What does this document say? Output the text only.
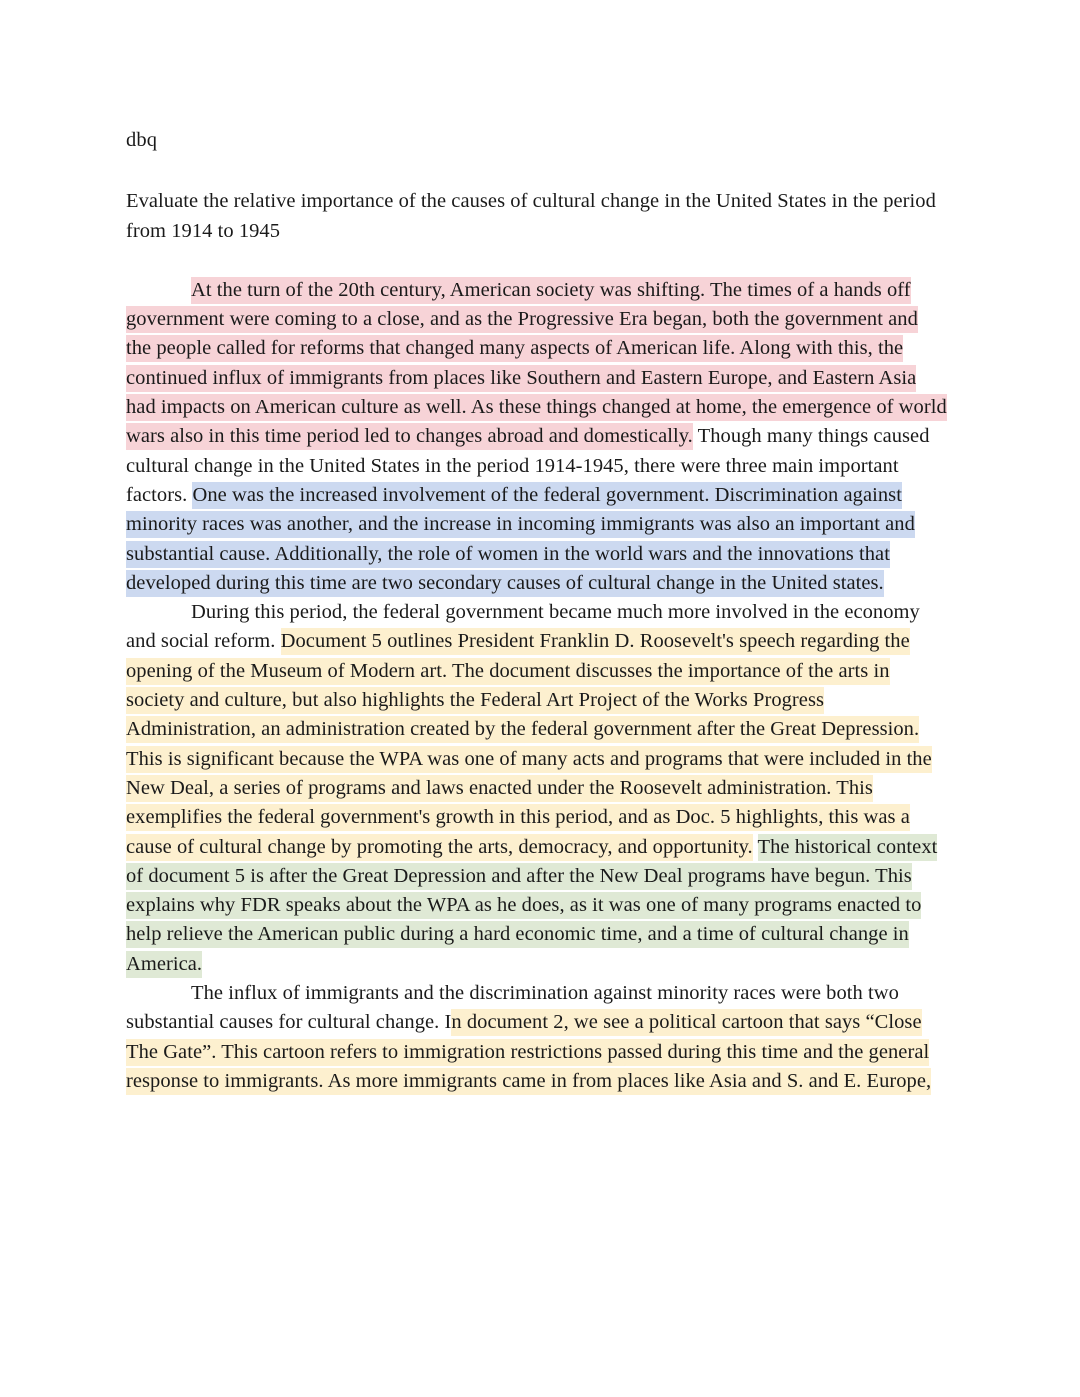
dbq
Evaluate the relative importance of the causes of cultural change in the United States in the period from 1914 to 1945

At the turn of the 20th century, American society was shifting. The times of a hands off government were coming to a close, and as the Progressive Era began, both the government and the people called for reforms that changed many aspects of American life. Along with this, the continued influx of immigrants from places like Southern and Eastern Europe, and Eastern Asia had impacts on American culture as well. As these things changed at home, the emergence of world wars also in this time period led to changes abroad and domestically. Though many things caused cultural change in the United States in the period 1914-1945, there were three main important factors. One was the increased involvement of the federal government. Discrimination against minority races was another, and the increase in incoming immigrants was also an important and substantial cause. Additionally, the role of women in the world wars and the innovations that developed during this time are two secondary causes of cultural change in the United states.

During this period, the federal government became much more involved in the economy and social reform. Document 5 outlines President Franklin D. Roosevelt's speech regarding the opening of the Museum of Modern art. The document discusses the importance of the arts in society and culture, but also highlights the Federal Art Project of the Works Progress Administration, an administration created by the federal government after the Great Depression. This is significant because the WPA was one of many acts and programs that were included in the New Deal, a series of programs and laws enacted under the Roosevelt administration. This exemplifies the federal government's growth in this period, and as Doc. 5 highlights, this was a cause of cultural change by promoting the arts, democracy, and opportunity. The historical context of document 5 is after the Great Depression and after the New Deal programs have begun. This explains why FDR speaks about the WPA as he does, as it was one of many programs enacted to help relieve the American public during a hard economic time, and a time of cultural change in America.

The influx of immigrants and the discrimination against minority races were both two substantial causes for cultural change. In document 2, we see a political cartoon that says “Close The Gate”. This cartoon refers to immigration restrictions passed during this time and the general response to immigrants. As more immigrants came in from places like Asia and S. and E. Europe,
